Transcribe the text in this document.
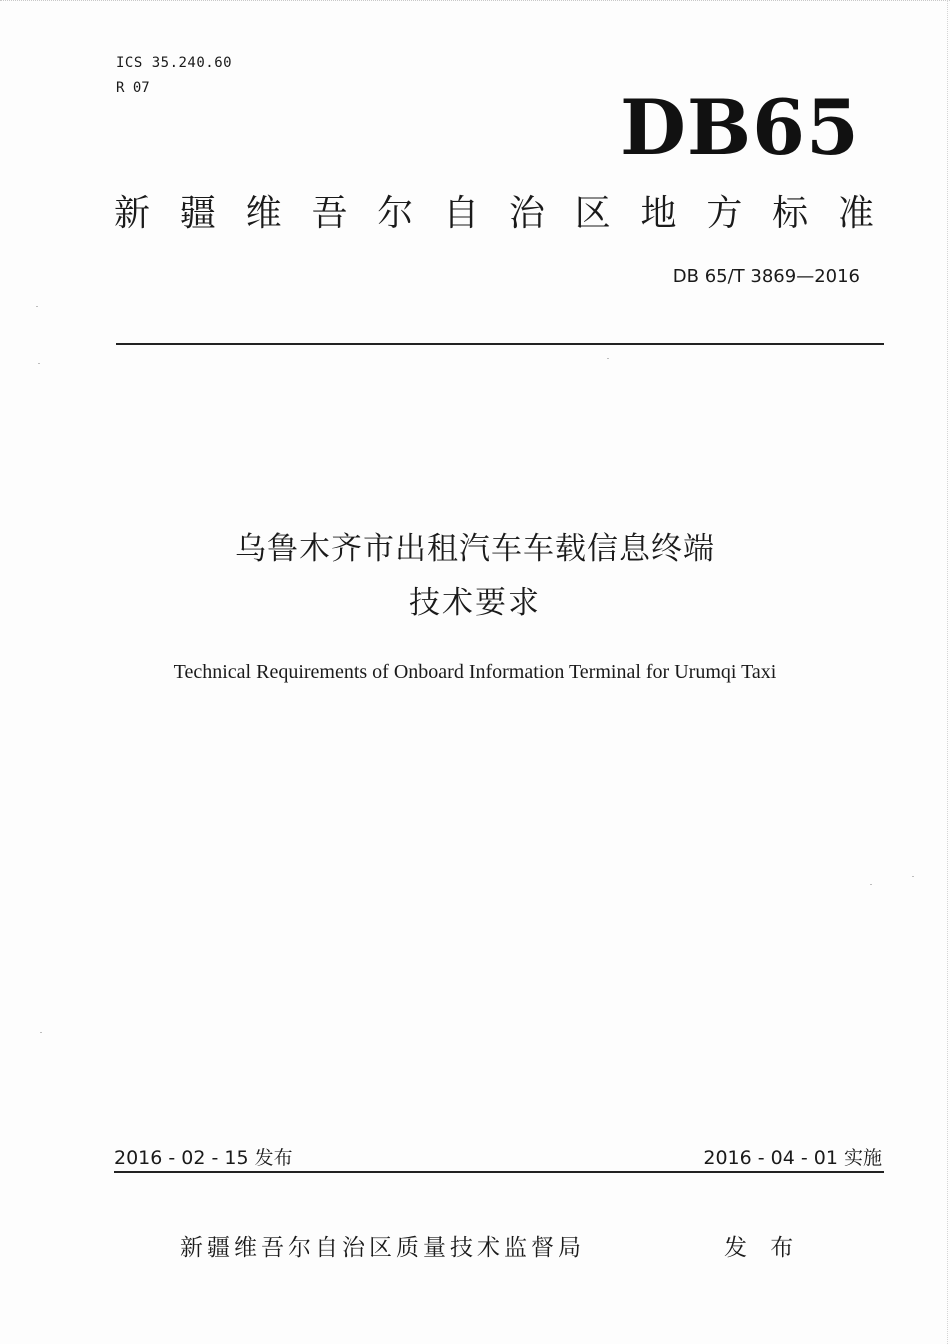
ICS 35.240.60
R 07	DB65
新 疆 维 吾 尔 自 治 区 地 方 标 准
DB 65/T 3869—2016
乌鲁木齐市出租汽车车载信息终端
技术要求
Technical Requirements of Onboard Information Terminal for Urumqi Taxi
2016 - 02 - 15 发布	2016 - 04 - 01 实施
新疆维吾尔自治区质量技术监督局	发 布
